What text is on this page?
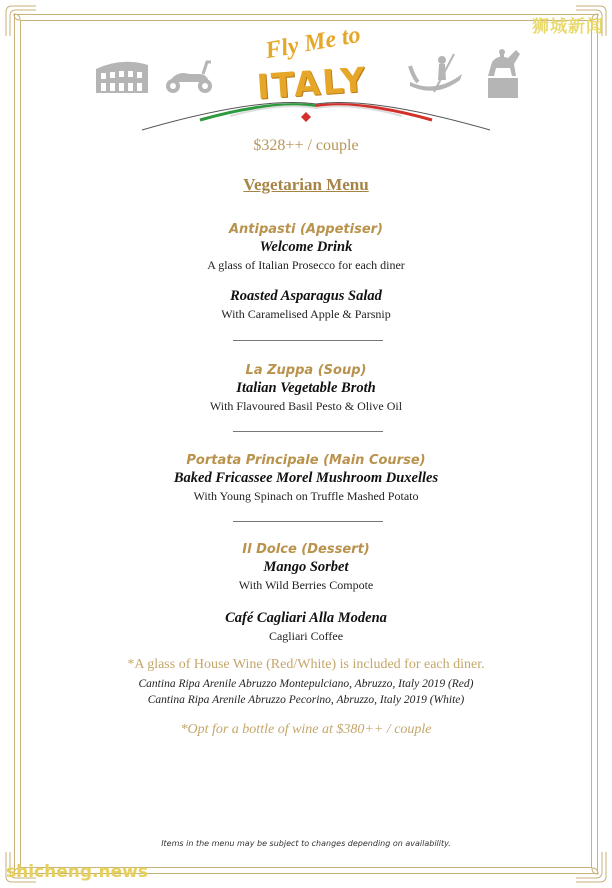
Fly Me to
ITALY
$328++ / couple
Vegetarian Menu
Antipasti (Appetiser)
Welcome Drink
A glass of Italian Prosecco for each diner
Roasted Asparagus Salad
With Caramelised Apple & Parsnip
La Zuppa (Soup)
Italian Vegetable Broth
With Flavoured Basil Pesto & Olive Oil
Portata Principale (Main Course)
Baked Fricassee Morel Mushroom Duxelles
With Young Spinach on Truffle Mashed Potato
Il Dolce (Dessert)
Mango Sorbet
With Wild Berries Compote
Café Cagliari Alla Modena
Cagliari Coffee
*A glass of House Wine (Red/White) is included for each diner.
Cantina Ripa Arenile Abruzzo Montepulciano, Abruzzo, Italy 2019 (Red)
Cantina Ripa Arenile Abruzzo Pecorino, Abruzzo, Italy 2019 (White)
*Opt for a bottle of wine at $380++ / couple
Items in the menu may be subject to changes depending on availability.
狮城新闻
shicheng.news
